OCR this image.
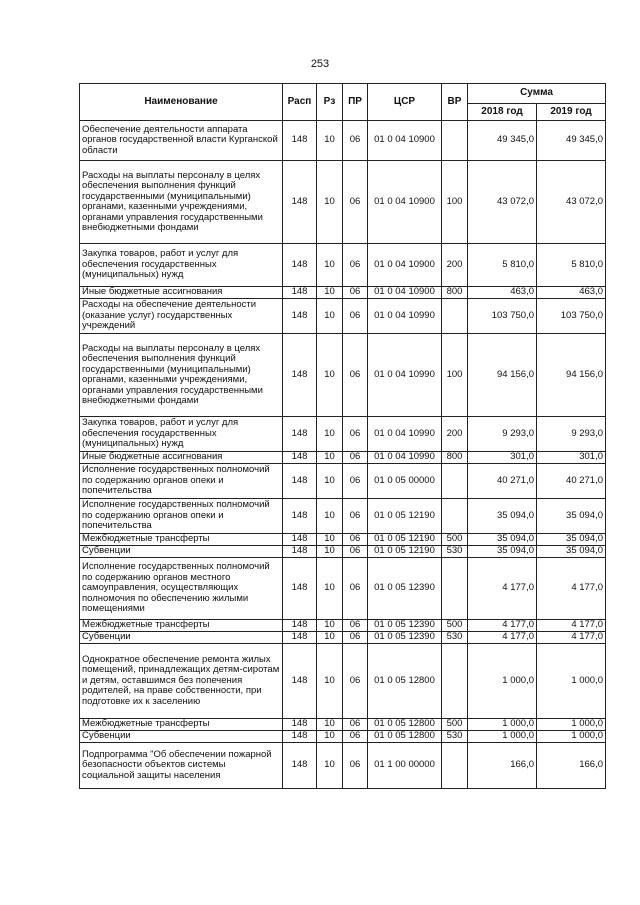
253
Наименование	Расп	Рз	ПР	ЦСР	ВР	Сумма	
						2018 год	2019 год
Обеспечение деятельности аппарата органов государственной власти Курганской области	148	10	06	01 0 04 10900		49 345,0	49 345,0
Расходы на выплаты персоналу в целях обеспечения выполнения функций государственными (муниципальными) органами, казенными учреждениями, органами управления государственными внебюджетными фондами	148	10	06	01 0 04 10900	100	43 072,0	43 072,0
Закупка товаров, работ и услуг для обеспечения государственных (муниципальных) нужд	148	10	06	01 0 04 10900	200	5 810,0	5 810,0
Иные бюджетные ассигнования	148	10	06	01 0 04 10900	800	463,0	463,0
Расходы на обеспечение деятельности (оказание услуг) государственных учреждений	148	10	06	01 0 04 10990		103 750,0	103 750,0
Расходы на выплаты персоналу в целях обеспечения выполнения функций государственными (муниципальными) органами, казенными учреждениями, органами управления государственными внебюджетными фондами	148	10	06	01 0 04 10990	100	94 156,0	94 156,0
Закупка товаров, работ и услуг для обеспечения государственных (муниципальных) нужд	148	10	06	01 0 04 10990	200	9 293,0	9 293,0
Иные бюджетные ассигнования	148	10	06	01 0 04 10990	800	301,0	301,0
Исполнение государственных полномочий по содержанию органов опеки и попечительства	148	10	06	01 0 05 00000		40 271,0	40 271,0
Исполнение государственных полномочий по содержанию органов опеки и попечительства	148	10	06	01 0 05 12190		35 094,0	35 094,0
Межбюджетные трансферты	148	10	06	01 0 05 12190	500	35 094,0	35 094,0
Субвенции	148	10	06	01 0 05 12190	530	35 094,0	35 094,0
Исполнение государственных полномочий по содержанию органов местного самоуправления, осуществляющих полномочия по обеспечению жилыми помещениями	148	10	06	01 0 05 12390		4 177,0	4 177,0
Межбюджетные трансферты	148	10	06	01 0 05 12390	500	4 177,0	4 177,0
Субвенции	148	10	06	01 0 05 12390	530	4 177,0	4 177,0
Однократное обеспечение ремонта жилых помещений, принадлежащих детям-сиротам и детям, оставшимся без попечения родителей, на праве собственности, при подготовке их к заселению	148	10	06	01 0 05 12800		1 000,0	1 000,0
Межбюджетные трансферты	148	10	06	01 0 05 12800	500	1 000,0	1 000,0
Субвенции	148	10	06	01 0 05 12800	530	1 000,0	1 000,0
Подпрограмма "Об обеспечении пожарной безопасности объектов системы социальной защиты населения	148	10	06	01 1 00 00000		166,0	166,0
